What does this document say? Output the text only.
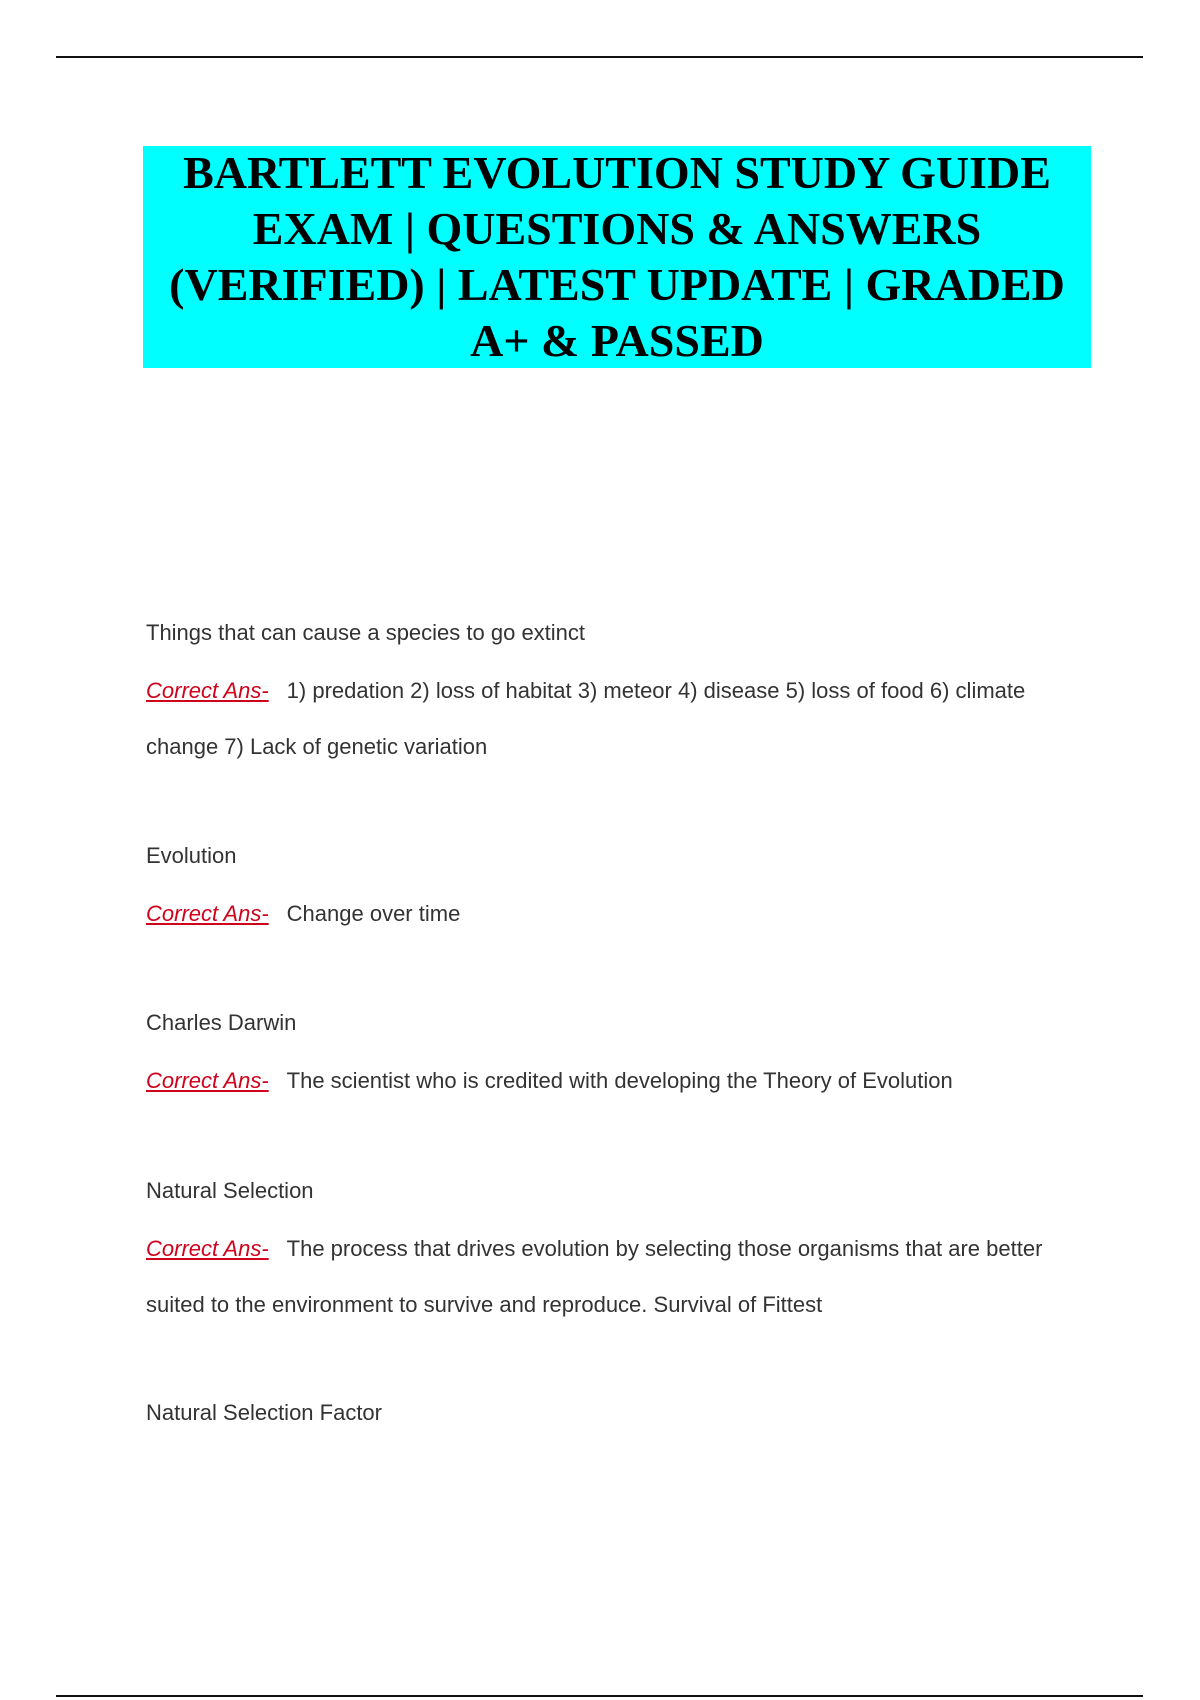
BARTLETT EVOLUTION STUDY GUIDE EXAM | QUESTIONS & ANSWERS (VERIFIED) | LATEST UPDATE | GRADED A+ & PASSED

Things that can cause a species to go extinct

Correct Ans- 1) predation 2) loss of habitat 3) meteor 4) disease 5) loss of food 6) climate change 7) Lack of genetic variation

Evolution

Correct Ans- Change over time

Charles Darwin

Correct Ans- The scientist who is credited with developing the Theory of Evolution

Natural Selection

Correct Ans- The process that drives evolution by selecting those organisms that are better suited to the environment to survive and reproduce. Survival of Fittest

Natural Selection Factor
